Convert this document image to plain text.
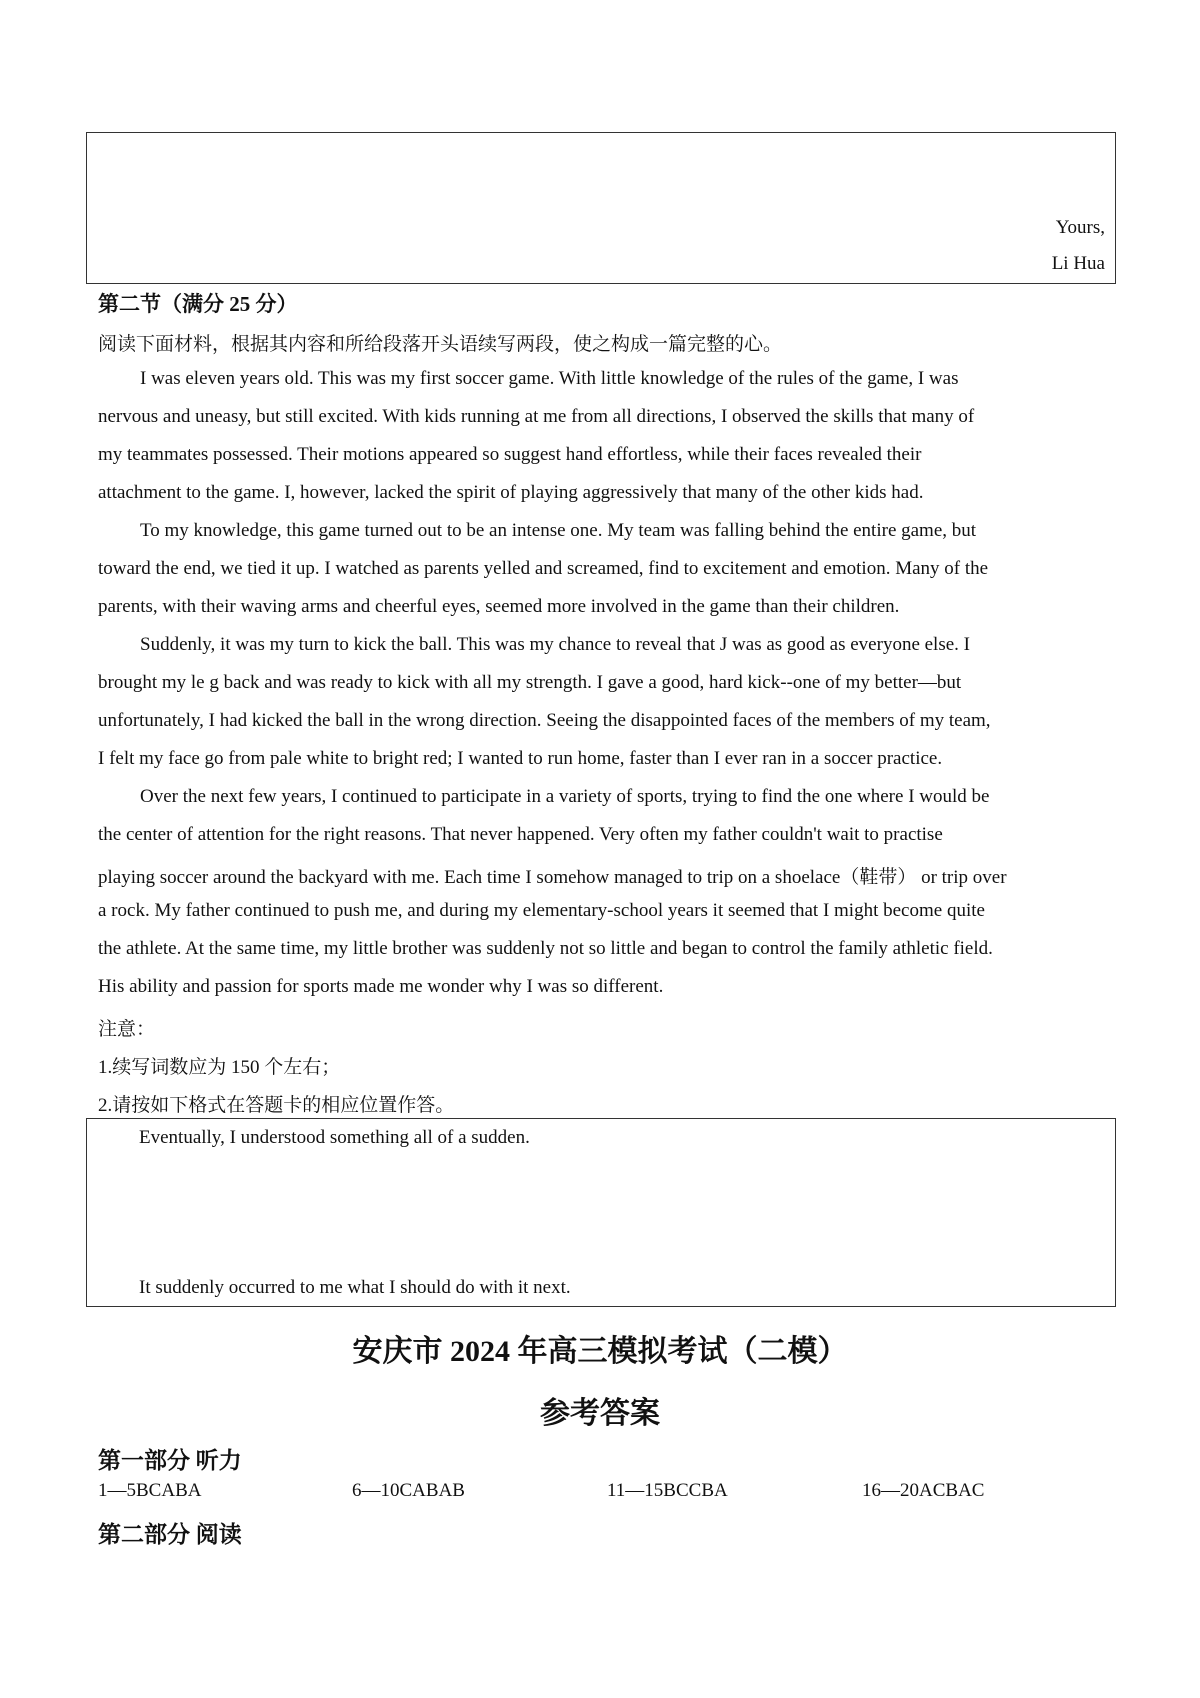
Yours,
Li Hua
第二节（满分 25 分）
阅读下面材料，根据其内容和所给段落开头语续写两段，使之构成一篇完整的心。
I was eleven years old. This was my first soccer game. With little knowledge of the rules of the game, I was
nervous and uneasy, but still excited. With kids running at me from all directions, I observed the skills that many of
my teammates possessed. Their motions appeared so suggest hand effortless, while their faces revealed their
attachment to the game. I, however, lacked the spirit of playing aggressively that many of the other kids had.
To my knowledge, this game turned out to be an intense one. My team was falling behind the entire game, but
toward the end, we tied it up. I watched as parents yelled and screamed, find to excitement and emotion. Many of the
parents, with their waving arms and cheerful eyes, seemed more involved in the game than their children.
Suddenly, it was my turn to kick the ball. This was my chance to reveal that J was as good as everyone else. I
brought my le g back and was ready to kick with all my strength. I gave a good, hard kick--one of my better—but
unfortunately, I had kicked the ball in the wrong direction. Seeing the disappointed faces of the members of my team,
I felt my face go from pale white to bright red; I wanted to run home, faster than I ever ran in a soccer practice.
Over the next few years, I continued to participate in a variety of sports, trying to find the one where I would be
the center of attention for the right reasons. That never happened. Very often my father couldn't wait to practise
playing soccer around the backyard with me. Each time I somehow managed to trip on a shoelace（鞋带） or trip over
a rock. My father continued to push me, and during my elementary-school years it seemed that I might become quite
the athlete. At the same time, my little brother was suddenly not so little and began to control the family athletic field.
His ability and passion for sports made me wonder why I was so different.
注意：
1.续写词数应为 150 个左右；
2.请按如下格式在答题卡的相应位置作答。
Eventually, I understood something all of a sudden.
It suddenly occurred to me what I should do with it next.
安庆市 2024 年高三模拟考试（二模）
参考答案
第一部分 听力
1—5BCABA	6—10CABAB	11—15BCCBA	16—20ACBAC
第二部分 阅读
